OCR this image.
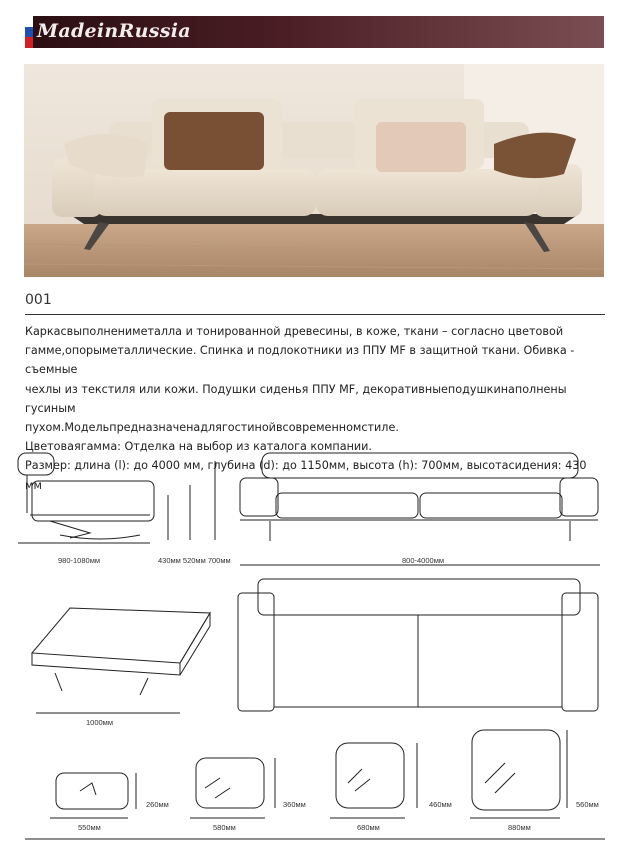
MadeinRussia
001

Каркасвыполнениметалла и тонированной древесины, в коже, ткани – согласно цветовой

гамме,опорыметаллические. Спинка и подлокотники из ППУ MF в защитной ткани. Обивка - съемные

чехлы из текстиля или кожи. Подушки сиденья ППУ MF, декоративныеподушкинаполнены гусиным

пухом.Модельпредназначенадлягостинойвсовременномстиле.

Цветоваягамма: Отделка на выбор из каталога компании.

Размер: длина (l): до 4000 мм, глубина (d): до 1150мм, высота (h): 700мм, высотасидения: 430 мм

980-1080мм	430мм 520мм 700мм	800-4000мм
1000мм
550мм
260мм
580мм
360мм
680мм
460мм
880мм
560мм
